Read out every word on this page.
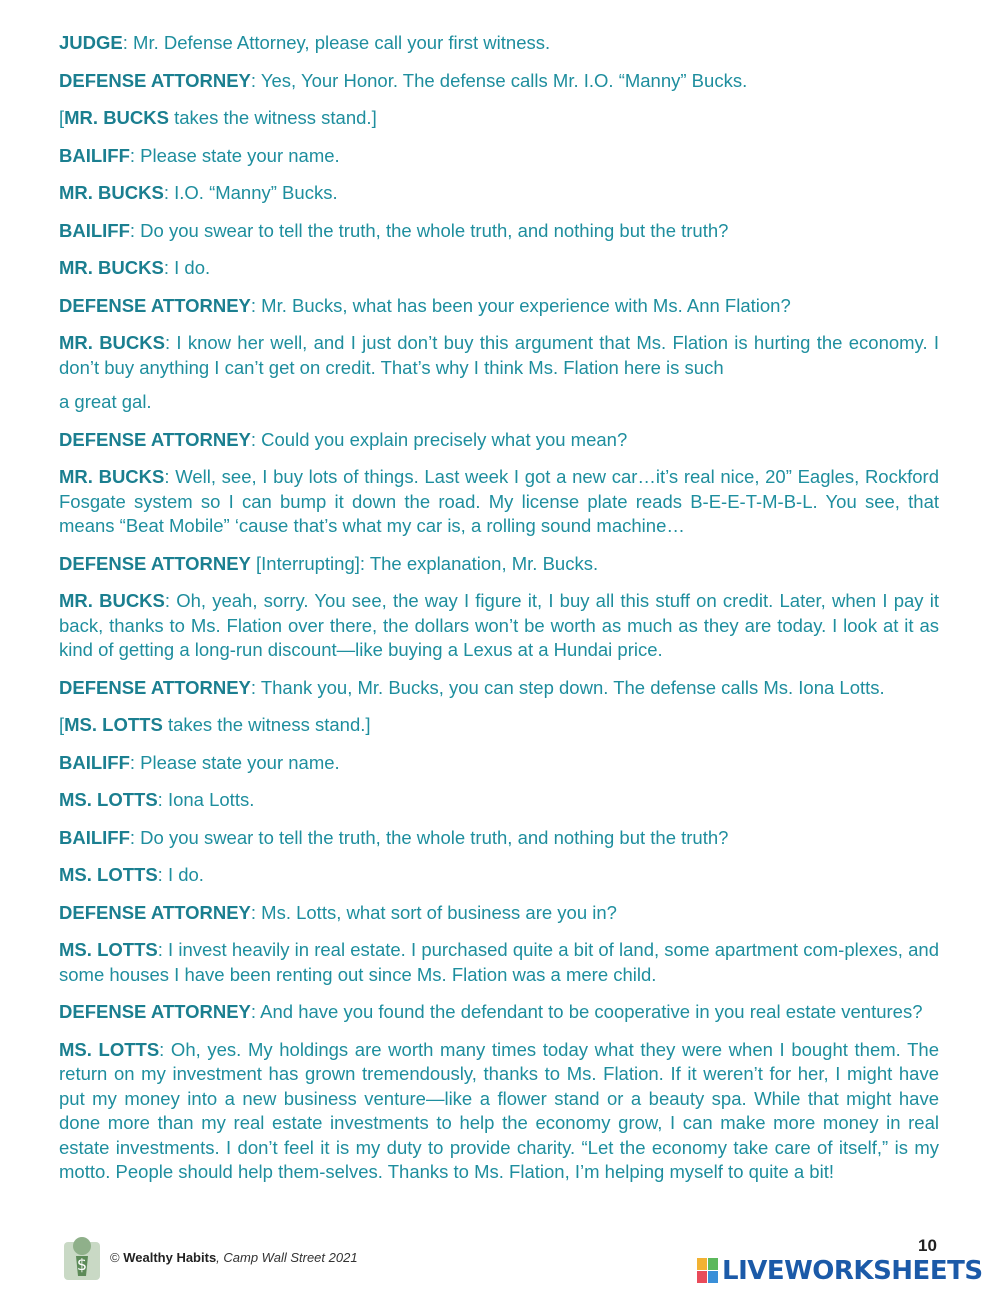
JUDGE: Mr. Defense Attorney, please call your first witness.

DEFENSE ATTORNEY: Yes, Your Honor. The defense calls Mr. I.O. “Manny” Bucks.

[MR. BUCKS takes the witness stand.]

BAILIFF: Please state your name.

MR. BUCKS: I.O. “Manny” Bucks.

BAILIFF: Do you swear to tell the truth, the whole truth, and nothing but the truth?

MR. BUCKS: I do.

DEFENSE ATTORNEY: Mr. Bucks, what has been your experience with Ms. Ann Flation?

MR. BUCKS: I know her well, and I just don’t buy this argument that Ms. Flation is hurting the economy. I don’t buy anything I can’t get on credit. That’s why I think Ms. Flation here is such

a great gal.

DEFENSE ATTORNEY: Could you explain precisely what you mean?

MR. BUCKS: Well, see, I buy lots of things. Last week I got a new car…it’s real nice, 20” Eagles, Rockford Fosgate system so I can bump it down the road. My license plate reads B-E-E-T-M-B-L. You see, that means “Beat Mobile” ‘cause that’s what my car is, a rolling sound machine…

DEFENSE ATTORNEY [Interrupting]: The explanation, Mr. Bucks.

MR. BUCKS: Oh, yeah, sorry. You see, the way I figure it, I buy all this stuff on credit. Later, when I pay it back, thanks to Ms. Flation over there, the dollars won’t be worth as much as they are today. I look at it as kind of getting a long-run discount—like buying a Lexus at a Hundai price.

DEFENSE ATTORNEY: Thank you, Mr. Bucks, you can step down. The defense calls Ms. Iona Lotts.

[MS. LOTTS takes the witness stand.]

BAILIFF: Please state your name.

MS. LOTTS: Iona Lotts.

BAILIFF: Do you swear to tell the truth, the whole truth, and nothing but the truth?

MS. LOTTS: I do.

DEFENSE ATTORNEY: Ms. Lotts, what sort of business are you in?

MS. LOTTS: I invest heavily in real estate. I purchased quite a bit of land, some apartment com-plexes, and some houses I have been renting out since Ms. Flation was a mere child.

DEFENSE ATTORNEY: And have you found the defendant to be cooperative in you real estate ventures?

MS. LOTTS: Oh, yes. My holdings are worth many times today what they were when I bought them. The return on my investment has grown tremendously, thanks to Ms. Flation. If it weren’t for her, I might have put my money into a new business venture—like a flower stand or a beauty spa. While that might have done more than my real estate investments to help the economy grow, I can make more money in real estate investments. I don’t feel it is my duty to provide charity. “Let the economy take care of itself,” is my motto. People should help them-selves. Thanks to Ms. Flation, I’m helping myself to quite a bit!

$ © Wealthy Habits, Camp Wall Street 2021
10
LIVEWORKSHEETS
